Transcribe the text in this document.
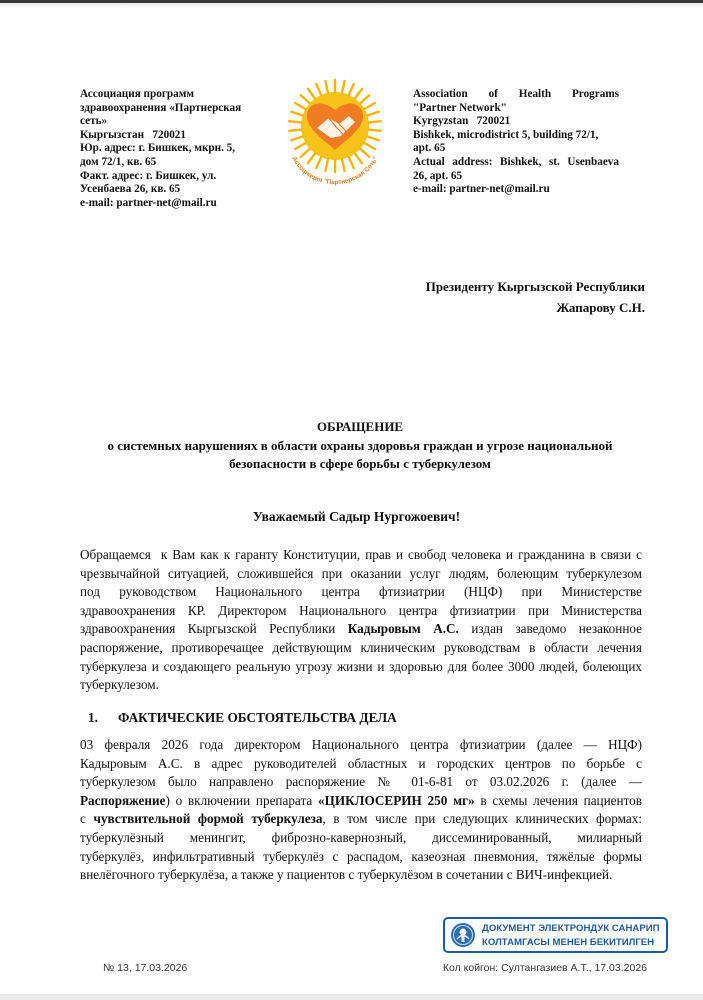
Ассоциация программ
здравоохранения «Партнерская
сеть»
Кыргызстан   720021
Юр. адрес: г. Бишкек, мкрн. 5,
дом 72/1, кв. 65
Факт. адрес: г. Бишкек, ул.
Усенбаева 26, кв. 65
e-mail: partner-net@mail.ru
Ассоциация "Партнерская Сеть"
Association of Health Programs
"Partner Network"
Kyrgyzstan   720021
Bishkek, microdistrict 5, building 72/1,
apt. 65
Actual address: Bishkek, st. Usenbaeva
26, apt. 65
e-mail: partner-net@mail.ru
Президенту Кыргызской Республики
Жапарову С.Н.
ОБРАЩЕНИЕ
о системных нарушениях в области охраны здоровья граждан и угрозе национальной
безопасности в сфере борьбы с туберкулезом
Уважаемый Садыр Нургожоевич!
Обращаемся  к Вам как к гаранту Конституции, прав и свобод человека и гражданина в связи с
чрезвычайной ситуацией, сложившейся при оказании услуг людям, болеющим туберкулезом
под руководством Национального центра фтизиатрии (НЦФ) при Министерстве
здравоохранения КР. Директором Национального центра фтизиатрии при Министерства
здравоохранения Кыргызской Республики Кадыровым А.С. издан заведомо незаконное
распоряжение, противоречащее действующим клиническим руководствам в области лечения
туберкулеза и создающего реальную угрозу жизни и здоровью для более 3000 людей, болеющих
туберкулезом.
1. ФАКТИЧЕСКИЕ ОБСТОЯТЕЛЬСТВА ДЕЛА
03 февраля 2026 года директором Национального центра фтизиатрии (далее — НЦФ)
Кадыровым А.С. в адрес руководителей областных и городских центров по борьбе с
туберкулезом было направлено распоряжение № 01-6-81 от 03.02.2026 г. (далее —
Распоряжение) о включении препарата «ЦИКЛОСЕРИН 250 мг» в схемы лечения пациентов
с чувствительной формой туберкулеза, в том числе при следующих клинических формах:
туберкулёзный менингит, фиброзно-кавернозный, диссеминированный, милиарный
туберкулёз, инфильтративный туберкулёз с распадом, казеозная пневмония, тяжёлые формы
внелёгочного туберкулёза, а также у пациентов с туберкулёзом в сочетании с ВИЧ-инфекцией.
ДОКУМЕНТ ЭЛЕКТРОНДУК САНАРИП
КОЛТАМГАСЫ МЕНЕН БЕКИТИЛГЕН
№ 13, 17.03.2026	Кол койгон: Султангазиев А.Т., 17.03.2026
